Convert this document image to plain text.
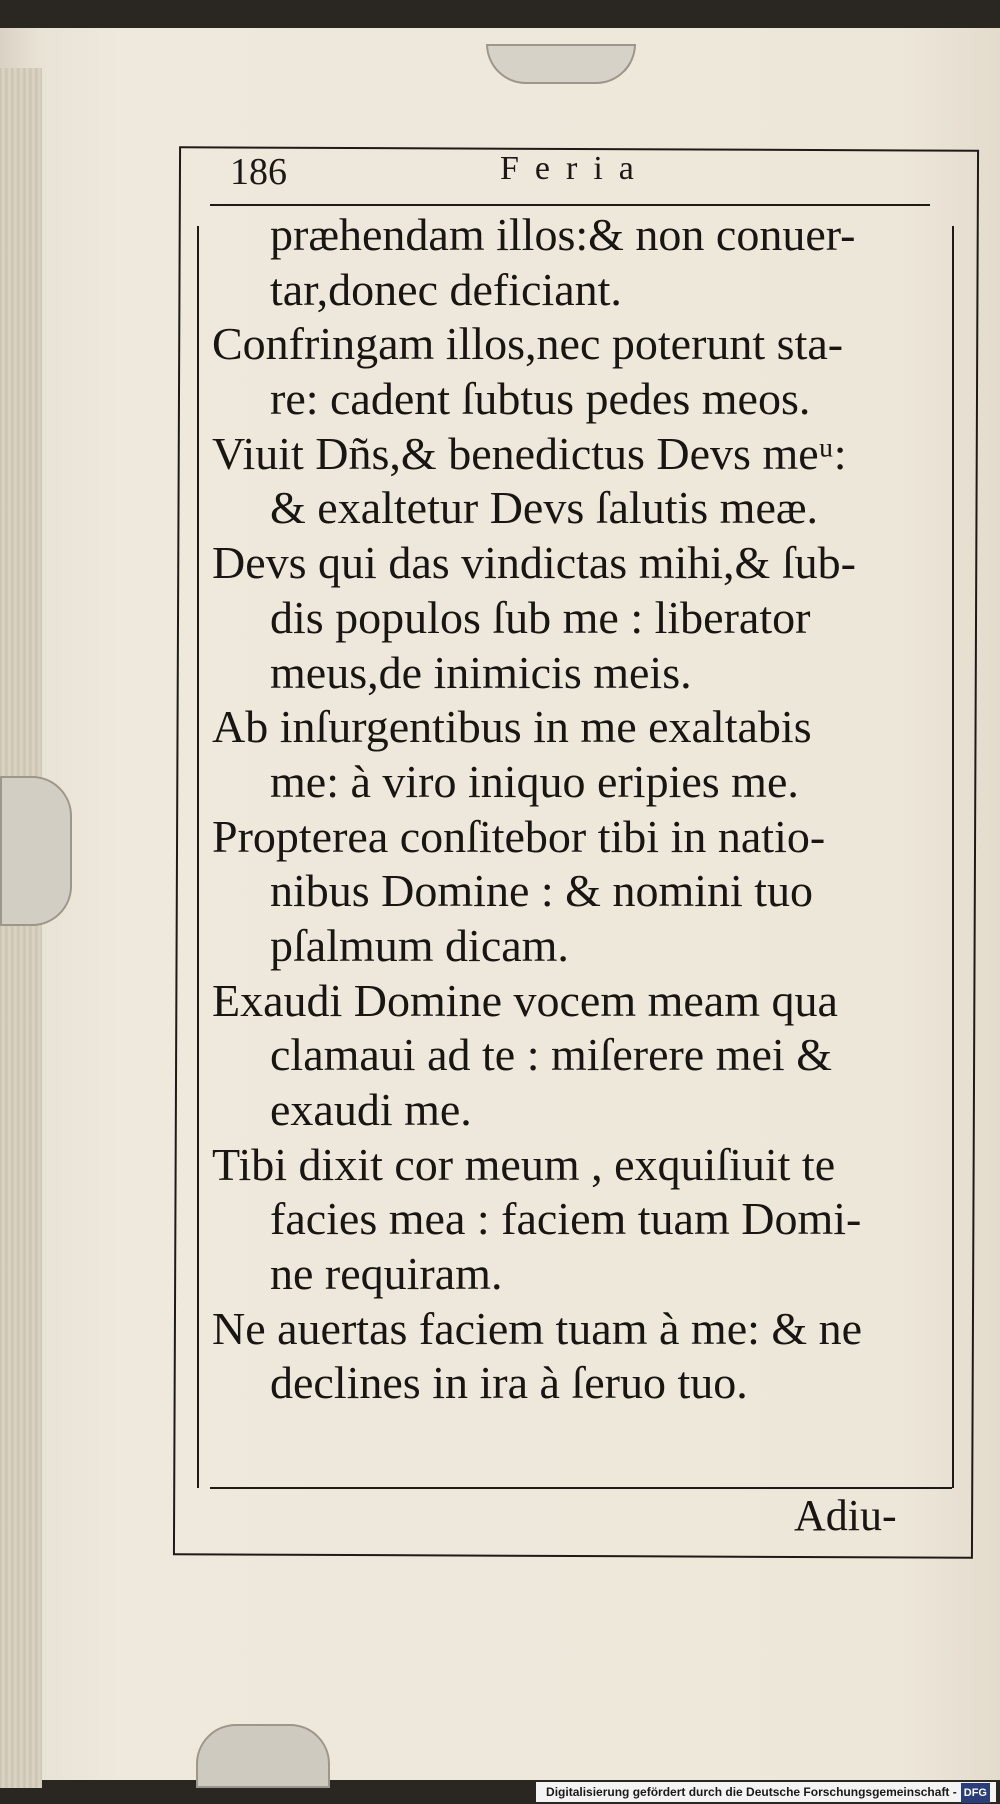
186	Feria
præhendam illos:& non conuer-
tar,donec deficiant.
Confringam illos,nec poterunt sta-
re: cadent ſubtus pedes meos.
Viuit Dñs,& benedictus Devs meᵘ:
& exaltetur Devs ſalutis meæ.
Devs qui das vindictas mihi,& ſub-
dis populos ſub me : liberator
meus,de inimicis meis.
Ab inſurgentibus in me exaltabis
me: à viro iniquo eripies me.
Propterea conſitebor tibi in natio-
nibus Domine : & nomini tuo
pſalmum dicam.
Exaudi Domine vocem meam qua
clamaui ad te : miſerere mei &
exaudi me.
Tibi dixit cor meum , exquiſiuit te
facies mea : faciem tuam Domi-
ne requiram.
Ne auertas faciem tuam à me: & ne
declines in ira à ſeruo tuo.
Adiu-
Digitalisierung gefördert durch die Deutsche Forschungsgemeinschaft - DFG
